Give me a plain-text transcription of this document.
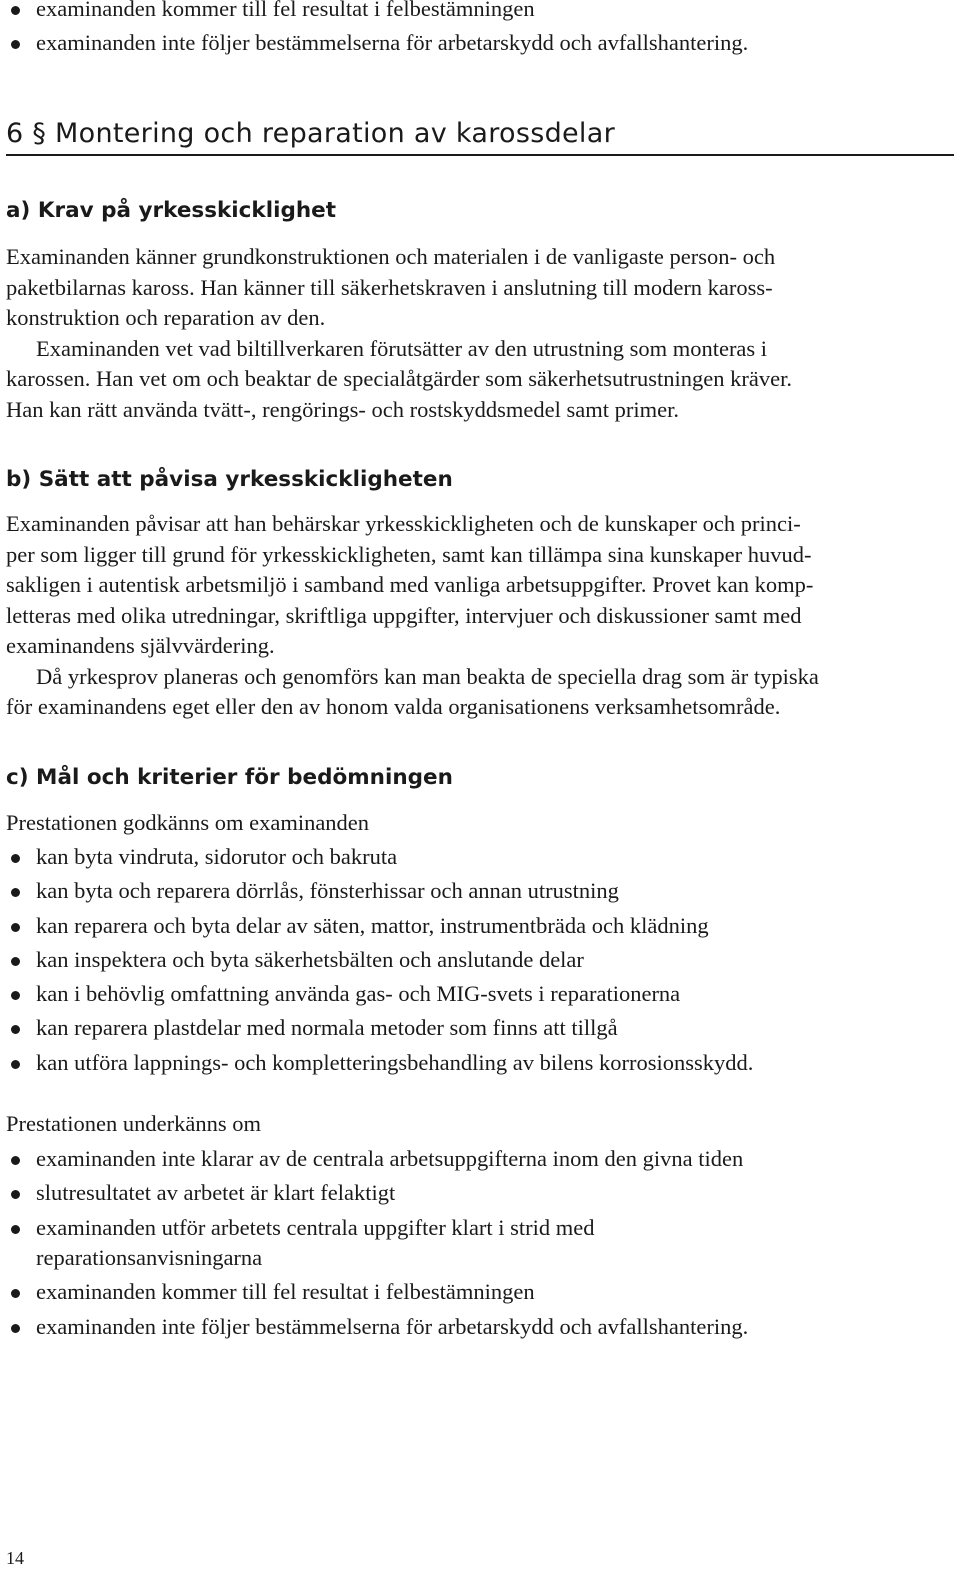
examinanden kommer till fel resultat i felbestämningen
examinanden inte följer bestämmelserna för arbetarskydd och avfallshantering.
6 § Montering och reparation av karossdelar
a) Krav på yrkesskicklighet

Examinanden känner grundkonstruktionen och materialen i de vanligaste person- och

paketbilarnas kaross. Han känner till säkerhetskraven i anslutning till modern kaross-

konstruktion och reparation av den.

Examinanden vet vad biltillverkaren förutsätter av den utrustning som monteras i

karossen. Han vet om och beaktar de specialåtgärder som säkerhetsutrustningen kräver.

Han kan rätt använda tvätt-, rengörings- och rostskyddsmedel samt primer.

b) Sätt att påvisa yrkesskickligheten

Examinanden påvisar att han behärskar yrkesskickligheten och de kunskaper och princi-

per som ligger till grund för yrkesskickligheten, samt kan tillämpa sina kunskaper huvud-

sakligen i autentisk arbetsmiljö i samband med vanliga arbetsuppgifter. Provet kan komp-

letteras med olika utredningar, skriftliga uppgifter, intervjuer och diskussioner samt med

examinandens självvärdering.

Då yrkesprov planeras och genomförs kan man beakta de speciella drag som är typiska

för examinandens eget eller den av honom valda organisationens verksamhetsområde.

c) Mål och kriterier för bedömningen
Prestationen godkänns om examinanden
kan byta vindruta, sidorutor och bakruta
kan byta och reparera dörrlås, fönsterhissar och annan utrustning
kan reparera och byta delar av säten, mattor, instrumentbräda och klädning
kan inspektera och byta säkerhetsbälten och anslutande delar
kan i behövlig omfattning använda gas- och MIG-svets i reparationerna
kan reparera plastdelar med normala metoder som finns att tillgå
kan utföra lappnings- och kompletteringsbehandling av bilens korrosionsskydd.
Prestationen underkänns om
examinanden inte klarar av de centrala arbetsuppgifterna inom den givna tiden
slutresultatet av arbetet är klart felaktigt
examinanden utför arbetets centrala uppgifter klart i strid med reparationsanvisningarna
examinanden kommer till fel resultat i felbestämningen
examinanden inte följer bestämmelserna för arbetarskydd och avfallshantering.
14
